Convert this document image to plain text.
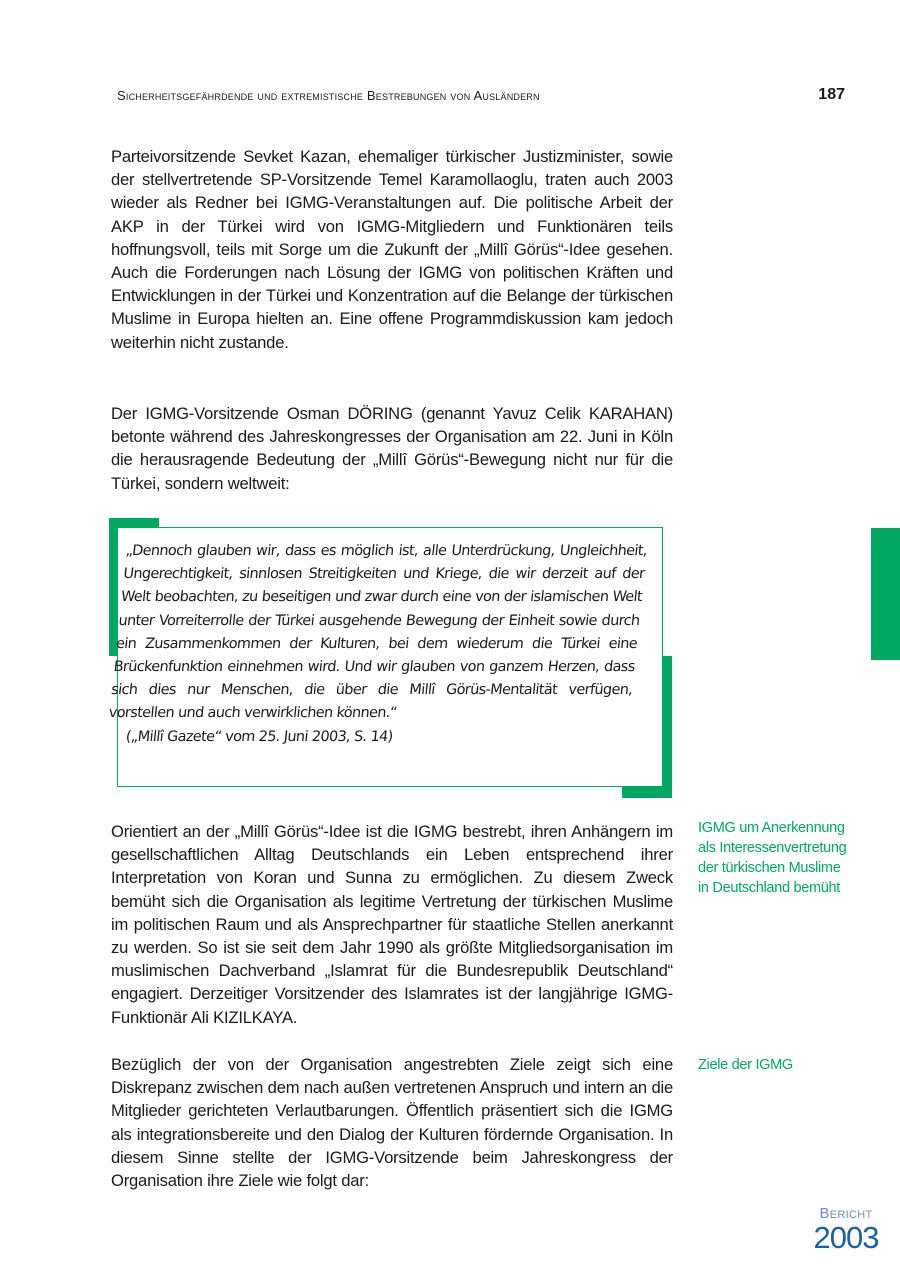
Sicherheitsgefährdende und extremistische Bestrebungen von Ausländern	187

Parteivorsitzende Sevket Kazan, ehemaliger türkischer Justizminister, sowie der stellvertretende SP-Vorsitzende Temel Karamollaoglu, traten auch 2003 wieder als Redner bei IGMG-Veranstaltungen auf. Die politische Arbeit der AKP in der Türkei wird von IGMG-Mitgliedern und Funktionären teils hoffnungsvoll, teils mit Sorge um die Zukunft der „Millî Görüs“-Idee gesehen. Auch die Forderungen nach Lösung der IGMG von politischen Kräften und Entwicklungen in der Türkei und Konzentration auf die Belange der türkischen Muslime in Europa hielten an. Eine offene Programmdiskussion kam jedoch weiterhin nicht zustande.

Der IGMG-Vorsitzende Osman DÖRING (genannt Yavuz Celik KARAHAN) betonte während des Jahreskongresses der Organisation am 22. Juni in Köln die herausragende Bedeutung der „Millî Görüs“-Bewegung nicht nur für die Türkei, sondern weltweit:

„Dennoch glauben wir, dass es möglich ist, alle Unterdrückung, Ungleichheit, Ungerechtigkeit, sinnlosen Streitigkeiten und Kriege, die wir derzeit auf der Welt beobachten, zu beseitigen und zwar durch eine von der islamischen Welt unter Vorreiterrolle der Türkei ausgehende Bewegung der Einheit sowie durch ein Zusammenkommen der Kulturen, bei dem wiederum die Türkei eine Brückenfunktion einnehmen wird. Und wir glauben von ganzem Herzen, dass sich dies nur Menschen, die über die Millî Görüs-Mentalität verfügen, vorstellen und auch verwirklichen können.“

(„Millî Gazete“ vom 25. Juni 2003, S. 14)

Orientiert an der „Millî Görüs“-Idee ist die IGMG bestrebt, ihren Anhängern im gesellschaftlichen Alltag Deutschlands ein Leben entsprechend ihrer Interpretation von Koran und Sunna zu ermöglichen. Zu diesem Zweck bemüht sich die Organisation als legitime Vertretung der türkischen Muslime im politischen Raum und als Ansprechpartner für staatliche Stellen anerkannt zu werden. So ist sie seit dem Jahr 1990 als größte Mitgliedsorganisation im muslimischen Dachverband „Islamrat für die Bundesrepublik Deutschland“ engagiert. Derzeitiger Vorsitzender des Islamrates ist der langjährige IGMG-Funktionär Ali KIZILKAYA.

Bezüglich der von der Organisation angestrebten Ziele zeigt sich eine Diskrepanz zwischen dem nach außen vertretenen Anspruch und intern an die Mitglieder gerichteten Verlautbarungen. Öffentlich präsentiert sich die IGMG als integrationsbereite und den Dialog der Kulturen fördernde Organisation. In diesem Sinne stellte der IGMG-Vorsitzende beim Jahreskongress der Organisation ihre Ziele wie folgt dar:

IGMG um Anerkennung als Interessenvertretung der türkischen Muslime in Deutschland bemüht

Ziele der IGMG

Bericht
2003
